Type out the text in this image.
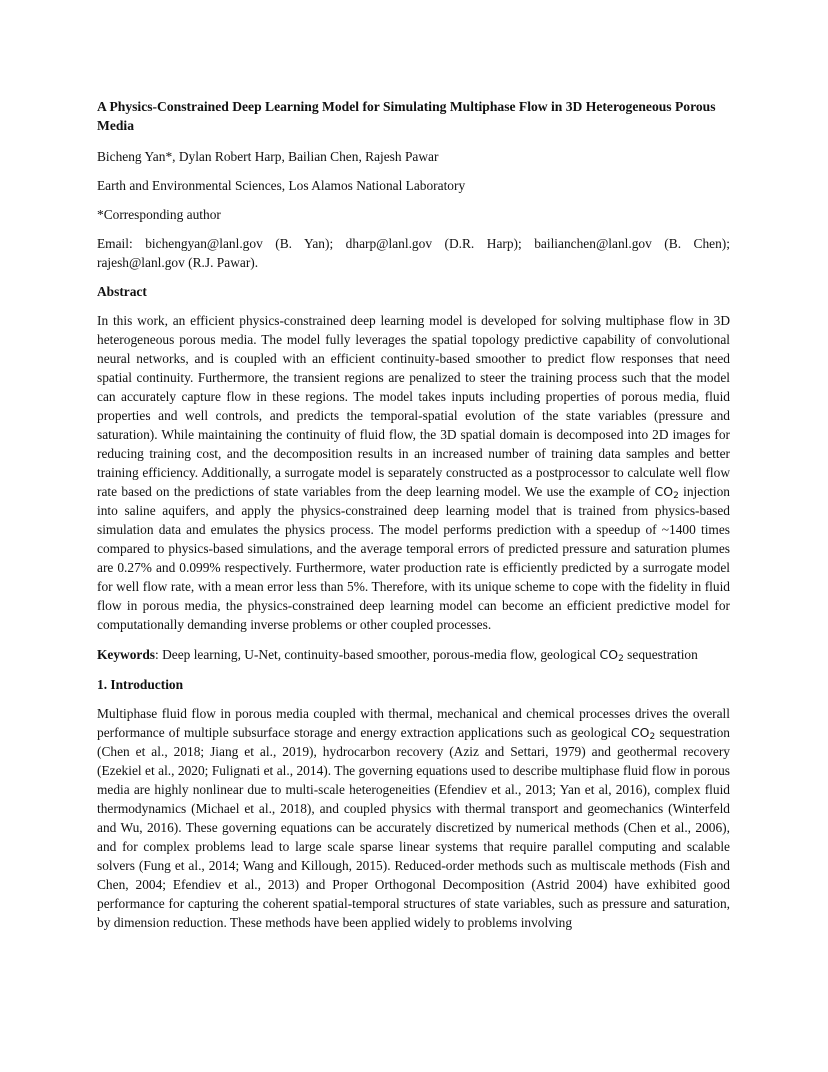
A Physics-Constrained Deep Learning Model for Simulating Multiphase Flow in 3D Heterogeneous Porous Media

Bicheng Yan*, Dylan Robert Harp, Bailian Chen, Rajesh Pawar

Earth and Environmental Sciences, Los Alamos National Laboratory

*Corresponding author

Email: bichengyan@lanl.gov (B. Yan); dharp@lanl.gov (D.R. Harp); bailianchen@lanl.gov (B. Chen); rajesh@lanl.gov (R.J. Pawar).

Abstract

In this work, an efficient physics-constrained deep learning model is developed for solving multiphase flow in 3D heterogeneous porous media. The model fully leverages the spatial topology predictive capability of convolutional neural networks, and is coupled with an efficient continuity-based smoother to predict flow responses that need spatial continuity. Furthermore, the transient regions are penalized to steer the training process such that the model can accurately capture flow in these regions. The model takes inputs including properties of porous media, fluid properties and well controls, and predicts the temporal-spatial evolution of the state variables (pressure and saturation). While maintaining the continuity of fluid flow, the 3D spatial domain is decomposed into 2D images for reducing training cost, and the decomposition results in an increased number of training data samples and better training efficiency. Additionally, a surrogate model is separately constructed as a postprocessor to calculate well flow rate based on the predictions of state variables from the deep learning model. We use the example of $CO_2$ injection into saline aquifers, and apply the physics-constrained deep learning model that is trained from physics-based simulation data and emulates the physics process. The model performs prediction with a speedup of ~1400 times compared to physics-based simulations, and the average temporal errors of predicted pressure and saturation plumes are 0.27% and 0.099% respectively. Furthermore, water production rate is efficiently predicted by a surrogate model for well flow rate, with a mean error less than 5%. Therefore, with its unique scheme to cope with the fidelity in fluid flow in porous media, the physics-constrained deep learning model can become an efficient predictive model for computationally demanding inverse problems or other coupled processes.

Keywords: Deep learning, U-Net, continuity-based smoother, porous-media flow, geological $CO_2$ sequestration

1. Introduction

Multiphase fluid flow in porous media coupled with thermal, mechanical and chemical processes drives the overall performance of multiple subsurface storage and energy extraction applications such as geological $CO_2$ sequestration (Chen et al., 2018; Jiang et al., 2019), hydrocarbon recovery (Aziz and Settari, 1979) and geothermal recovery (Ezekiel et al., 2020; Fulignati et al., 2014). The governing equations used to describe multiphase fluid flow in porous media are highly nonlinear due to multi-scale heterogeneities (Efendiev et al., 2013; Yan et al, 2016), complex fluid thermodynamics (Michael et al., 2018), and coupled physics with thermal transport and geomechanics (Winterfeld and Wu, 2016). These governing equations can be accurately discretized by numerical methods (Chen et al., 2006), and for complex problems lead to large scale sparse linear systems that require parallel computing and scalable solvers (Fung et al., 2014; Wang and Killough, 2015). Reduced-order methods such as multiscale methods (Fish and Chen, 2004; Efendiev et al., 2013) and Proper Orthogonal Decomposition (Astrid 2004) have exhibited good performance for capturing the coherent spatial-temporal structures of state variables, such as pressure and saturation, by dimension reduction. These methods have been applied widely to problems involving
